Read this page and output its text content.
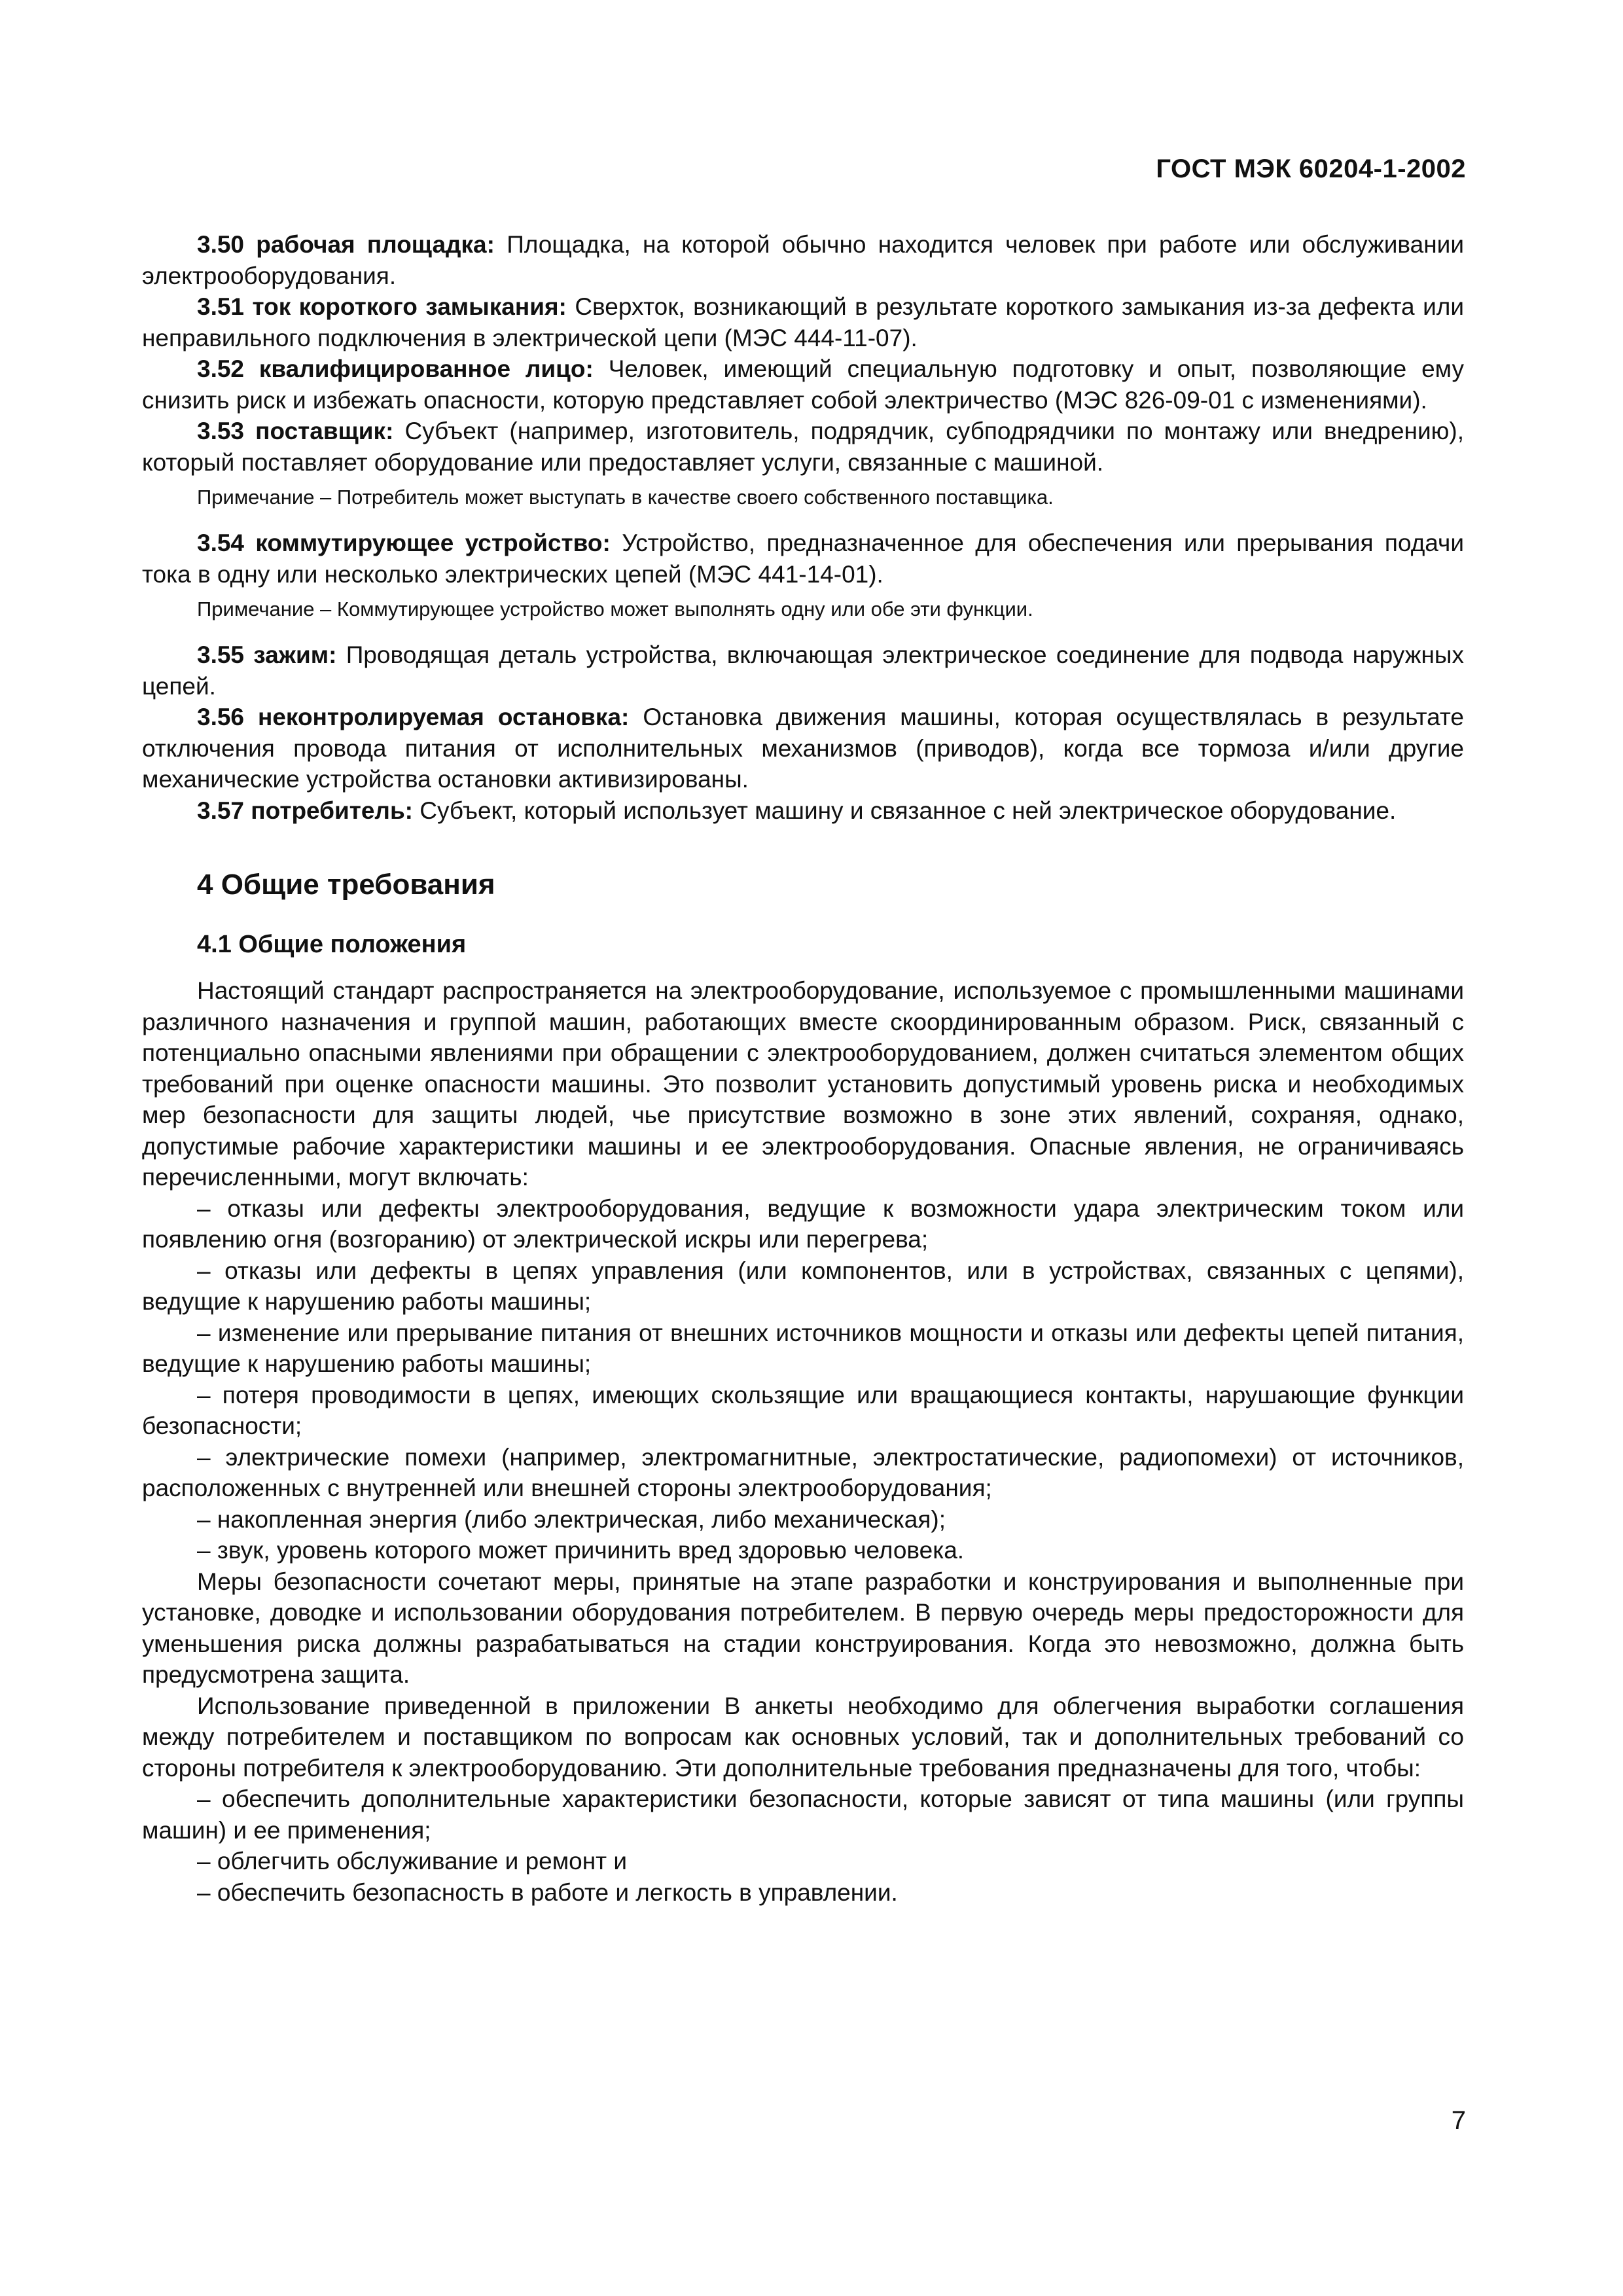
ГОСТ МЭК 60204-1-2002

3.50 рабочая площадка: Площадка, на которой обычно находится человек при работе или обслуживании электрооборудования.

3.51 ток короткого замыкания: Сверхток, возникающий в результате короткого замыкания из-за дефекта или неправильного подключения в электрической цепи (МЭС 444-11-07).

3.52 квалифицированное лицо: Человек, имеющий специальную подготовку и опыт, позволяющие ему снизить риск и избежать опасности, которую представляет собой электричество (МЭС 826-09-01 с изменениями).

3.53 поставщик: Субъект (например, изготовитель, подрядчик, субподрядчики по монтажу или внедрению), который поставляет оборудование или предоставляет услуги, связанные с машиной.

Примечание – Потребитель может выступать в качестве своего собственного поставщика.

3.54 коммутирующее устройство: Устройство, предназначенное для обеспечения или прерывания подачи тока в одну или несколько электрических цепей (МЭС 441-14-01).

Примечание – Коммутирующее устройство может выполнять одну или обе эти функции.

3.55 зажим: Проводящая деталь устройства, включающая электрическое соединение для подвода наружных цепей.

3.56 неконтролируемая остановка: Остановка движения машины, которая осуществлялась в результате отключения провода питания от исполнительных механизмов (приводов), когда все тормоза и/или другие механические устройства остановки активизированы.

3.57 потребитель: Субъект, который использует машину и связанное с ней электрическое оборудование.

4 Общие требования
4.1 Общие положения

Настоящий стандарт распространяется на электрооборудование, используемое с промышленными машинами различного назначения и группой машин, работающих вместе скоординированным образом. Риск, связанный с потенциально опасными явлениями при обращении с электрооборудованием, должен считаться элементом общих требований при оценке опасности машины. Это позволит установить допустимый уровень риска и необходимых мер безопасности для защиты людей, чье присутствие возможно в зоне этих явлений, сохраняя, однако, допустимые рабочие характеристики машины и ее электрооборудования. Опасные явления, не ограничиваясь перечисленными, могут включать:

– отказы или дефекты электрооборудования, ведущие к возможности удара электрическим током или появлению огня (возгоранию) от электрической искры или перегрева;

– отказы или дефекты в цепях управления (или компонентов, или в устройствах, связанных с цепями), ведущие к нарушению работы машины;

– изменение или прерывание питания от внешних источников мощности и отказы или дефекты цепей питания, ведущие к нарушению работы машины;

– потеря проводимости в цепях, имеющих скользящие или вращающиеся контакты, нарушающие функции безопасности;

– электрические помехи (например, электромагнитные, электростатические, радиопомехи) от источников, расположенных с внутренней или внешней стороны электрооборудования;

– накопленная энергия (либо электрическая, либо механическая);

– звук, уровень которого может причинить вред здоровью человека.

Меры безопасности сочетают меры, принятые на этапе разработки и конструирования и выполненные при установке, доводке и использовании оборудования потребителем. В первую очередь меры предосторожности для уменьшения риска должны разрабатываться на стадии конструирования. Когда это невозможно, должна быть предусмотрена защита.

Использование приведенной в приложении В анкеты необходимо для облегчения выработки соглашения между потребителем и поставщиком по вопросам как основных условий, так и дополнительных требований со стороны потребителя к электрооборудованию. Эти дополнительные требования предназначены для того, чтобы:

– обеспечить дополнительные характеристики безопасности, которые зависят от типа машины (или группы машин) и ее применения;

– облегчить обслуживание и ремонт и

– обеспечить безопасность в работе и легкость в управлении.

7
